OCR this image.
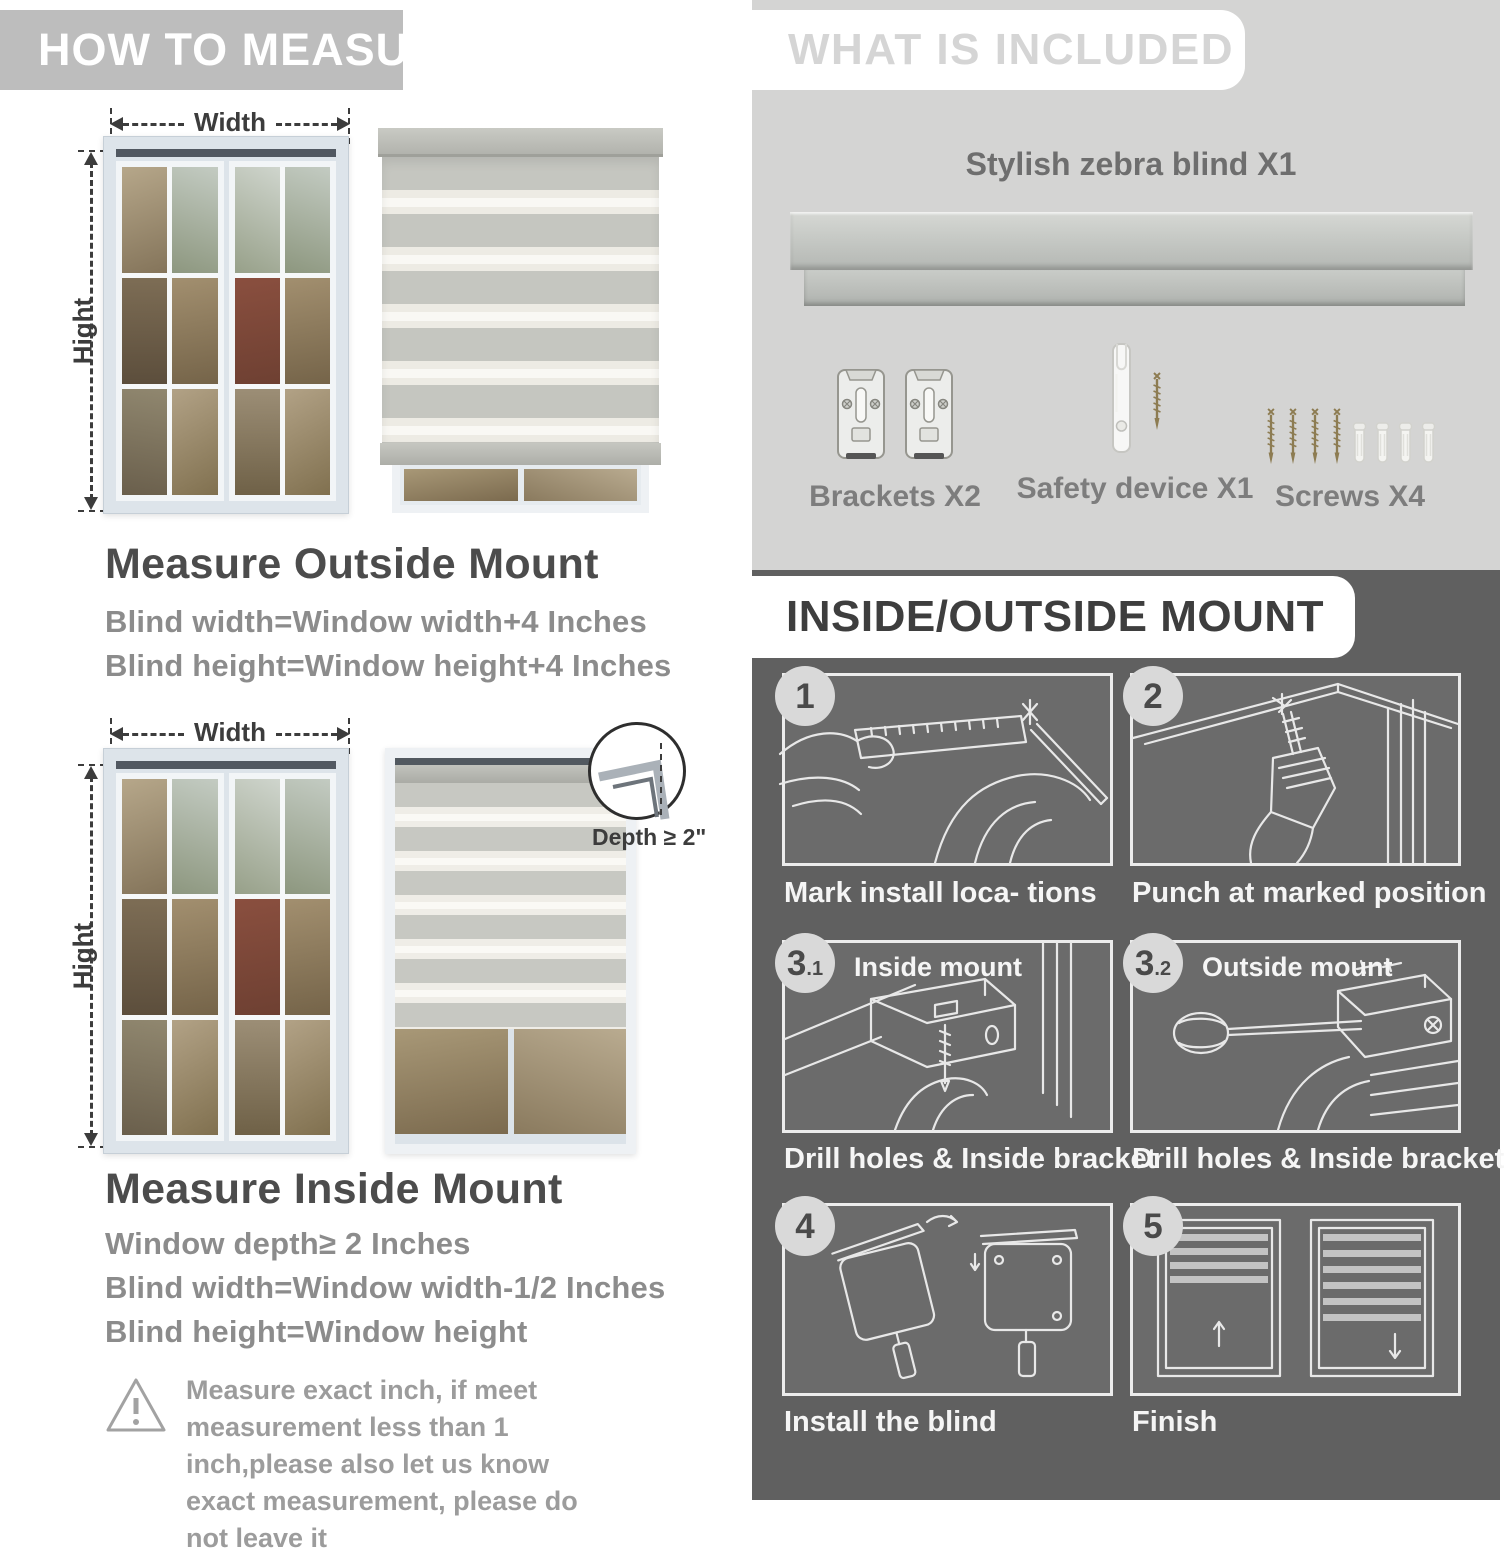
HOW TO MEASURE
Width
Hight
Measure Outside Mount
Blind width=Window width+4 Inches
Blind height=Window height+4 Inches
Width
Hight
Depth ≥ 2"
Measure Inside Mount
Window depth≥ 2 Inches
Blind width=Window width-1/2 Inches
Blind height=Window height
Measure exact inch, if meet measurement less than 1 inch,please also let us know exact measurement, please do not leave it
WHAT IS INCLUDED
Stylish zebra blind X1
Brackets X2 Safety device X1 Screws X4
INSIDE/OUTSIDE MOUNT
Mark install loca- tions
1
Punch at marked position
2
Drill holes & Inside bracket
3 .1 Inside mount
Drill holes & Inside bracket
3 .2 Outside mount
Install the blind
4
Finish
5
